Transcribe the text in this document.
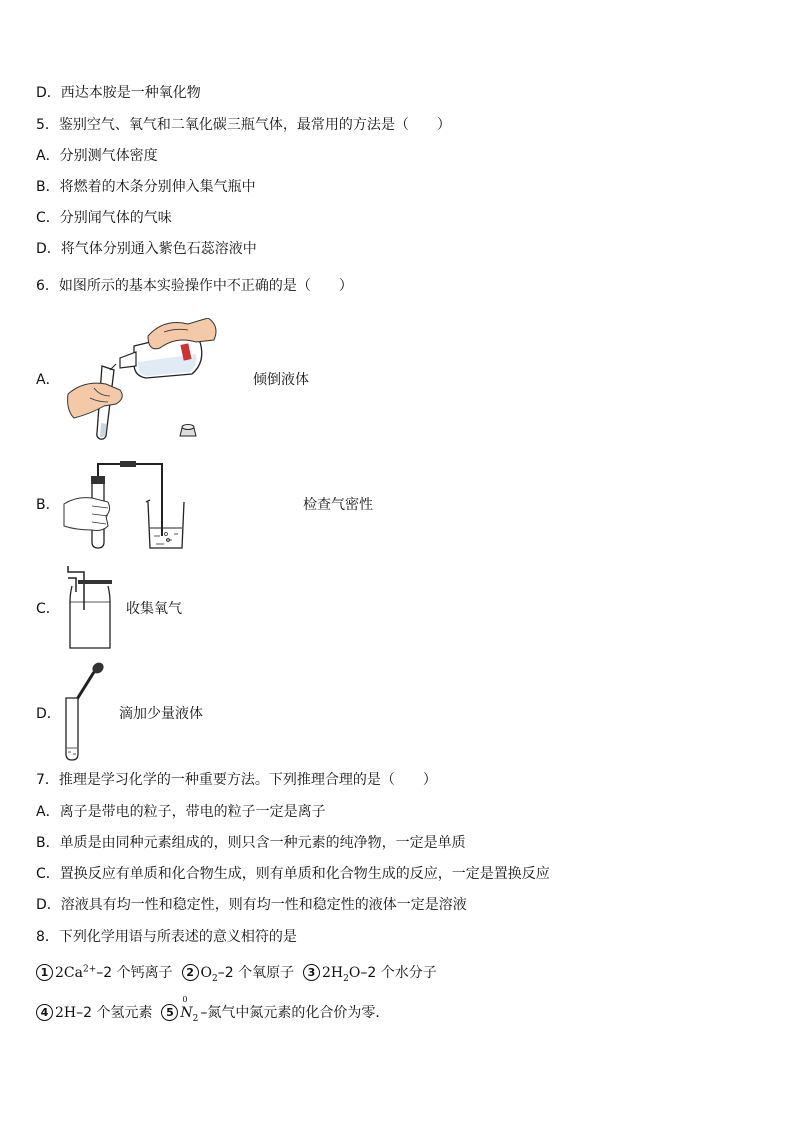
D．西达本胺是一种氧化物
5．鉴别空气、氧气和二氧化碳三瓶气体，最常用的方法是（　　）
A．分别测气体密度
B．将燃着的木条分别伸入集气瓶中
C．分别闻气体的气味
D．将气体分别通入紫色石蕊溶液中
6．如图所示的基本实验操作中不正确的是（　　）
A．	倾倒液体
B．	检查气密性
C．	收集氧气
D．	滴加少量液体
7．推理是学习化学的一种重要方法。下列推理合理的是（　　）
A．离子是带电的粒子，带电的粒子一定是离子
B．单质是由同种元素组成的，则只含一种元素的纯净物，一定是单质
C．置换反应有单质和化合物生成，则有单质和化合物生成的反应，一定是置换反应
D．溶液具有均一性和稳定性，则有均一性和稳定性的液体一定是溶液
8．下列化学用语与所表述的意义相符的是
1 $2Ca^{2+}-2$ 个钙离子 2 $O_2-2$ 个氧原子 3 $2H_2O-2$ 个水分子
4 2H–2 个氢元素 5
0
$N_2$ –氮气中氮元素的化合价为零．
